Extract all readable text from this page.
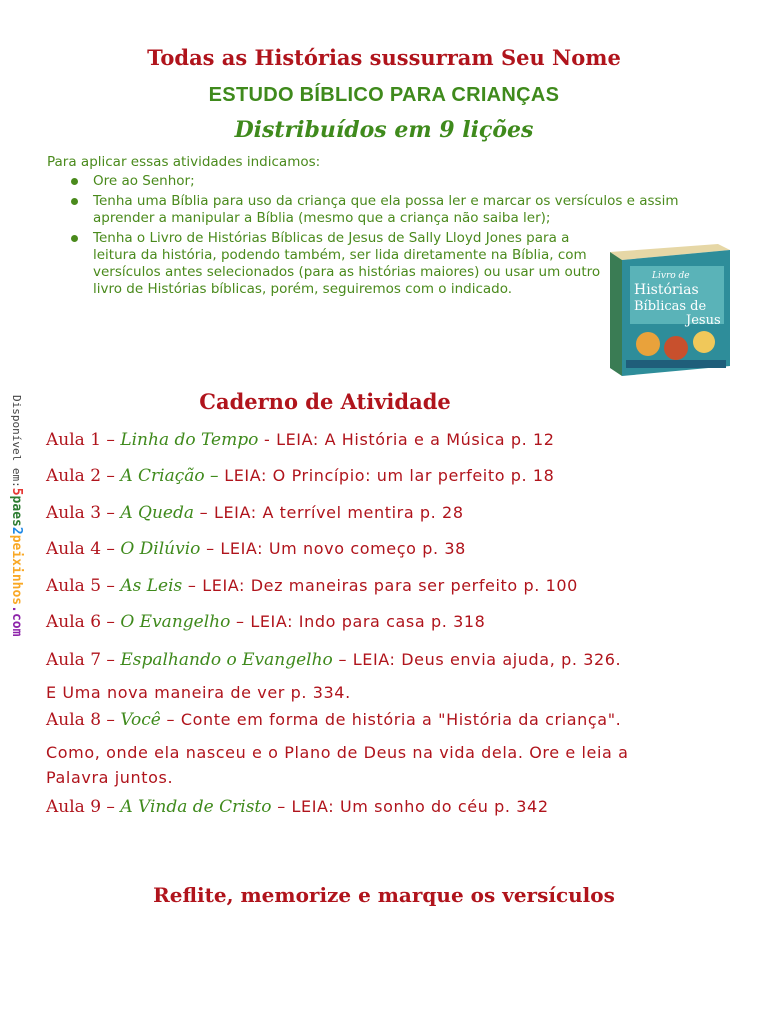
Todas as Histórias sussurram Seu Nome
ESTUDO BÍBLICO PARA CRIANÇAS
Distribuídos em 9 lições
Para aplicar essas atividades indicamos:
Ore ao Senhor;
Tenha uma Bíblia para uso da criança que ela possa ler e marcar os versículos e assim aprender a manipular a Bíblia (mesmo que a criança não saiba ler);
Tenha o Livro de Histórias Bíblicas de Jesus de Sally Lloyd Jones para a leitura da história, podendo também, ser lida diretamente na Bíblia, com versículos antes selecionados (para as histórias maiores) ou usar um outro livro de Histórias bíblicas, porém, seguiremos com o indicado.
Livro de
Histórias
Bíblicas de
Jesus
Caderno de Atividade
Disponível em:5paes2peixinhos.com
Aula 1 – Linha do Tempo - LEIA: A História e a Música p. 12
Aula 2 – A Criação – LEIA: O Princípio: um lar perfeito p. 18
Aula 3 – A Queda – LEIA: A terrível mentira p. 28
Aula 4 – O Dilúvio – LEIA: Um novo começo p. 38
Aula 5 – As Leis – LEIA: Dez maneiras para ser perfeito p. 100
Aula 6 – O Evangelho – LEIA: Indo para casa p. 318
Aula 7 – Espalhando o Evangelho – LEIA: Deus envia ajuda, p. 326.
E Uma nova maneira de ver p. 334.
Aula 8 – Você – Conte em forma de história a "História da criança".
Como, onde ela nasceu e o Plano de Deus na vida dela. Ore e leia a
Palavra juntos.
Aula 9 – A Vinda de Cristo – LEIA: Um sonho do céu p. 342
Reflite, memorize e marque os versículos
